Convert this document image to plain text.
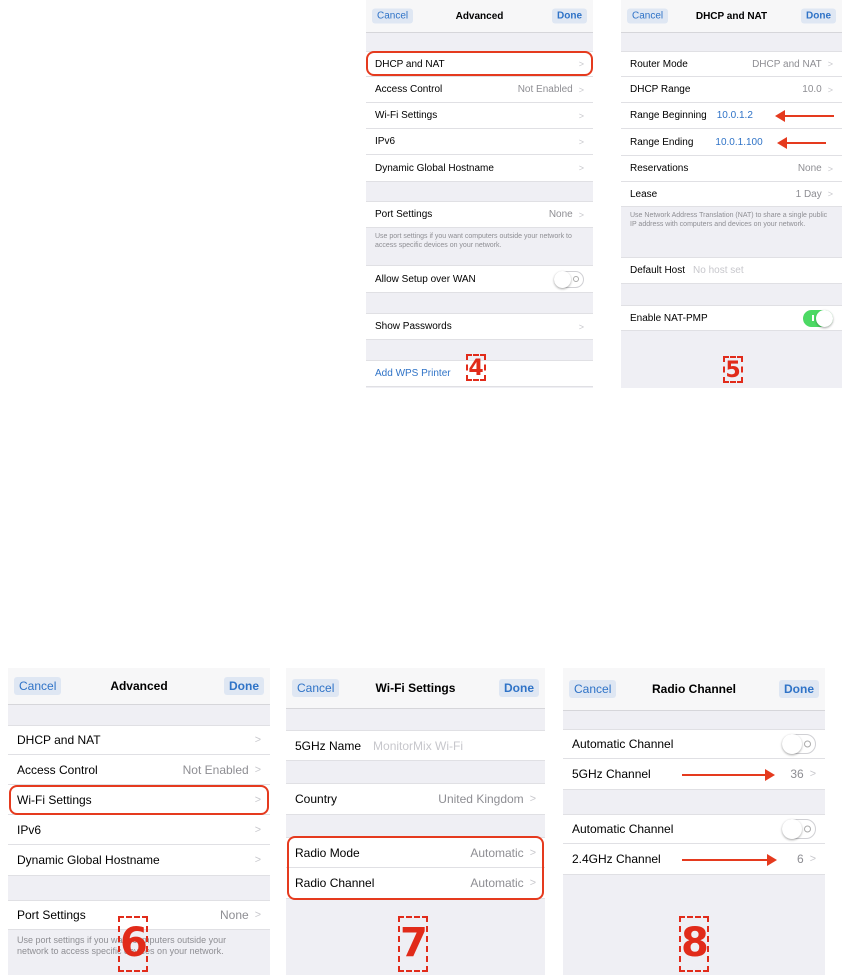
Cancel	Advanced	Done
DHCP and NAT	>
Access Control	Not Enabled >
Wi-Fi Settings	>
IPv6	>
Dynamic Global Hostname	>
Port Settings	None >
Use port settings if you want computers outside your network to access specific devices on your network.
Allow Setup over WAN
Show Passwords	>
Add WPS Printer 4
Cancel	DHCP and NAT	Done
Router Mode	DHCP and NAT >
DHCP Range	10.0 >
Range Beginning 10.0.1.2
Range Ending 10.0.1.100
Reservations	None >
Lease	1 Day >
Use Network Address Translation (NAT) to share a single public IP address with computers and devices on your network.
Default Host No host set
Enable NAT-PMP
5
Cancel	Advanced	Done
DHCP and NAT	>
Access Control	Not Enabled >
Wi-Fi Settings	>
IPv6	>
Dynamic Global Hostname	>
Port Settings	None >
Use port settings if you want computers outside your network to access specific devices on your network.
6
Cancel	Wi-Fi Settings	Done
5GHz Name MonitorMix Wi-Fi
Country	United Kingdom >
Radio Mode	Automatic >
Radio Channel	Automatic >
7
Cancel	Radio Channel	Done
Automatic Channel
5GHz Channel	36 >
Automatic Channel
2.4GHz Channel	6 >
8
